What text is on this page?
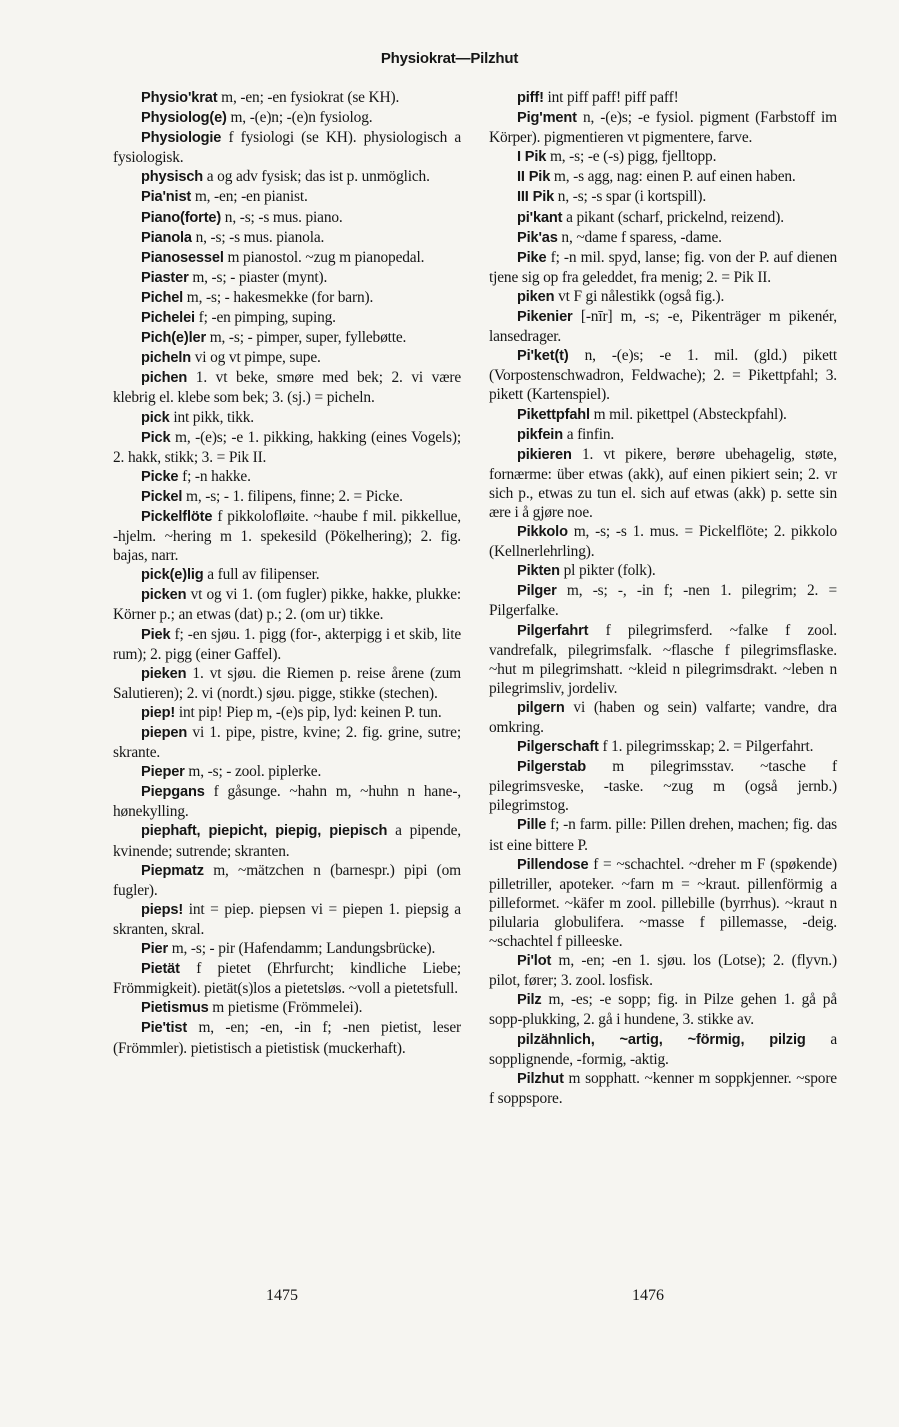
Physiokrat—Pilzhut

Physio'krat m, -en; -en fysiokrat (se KH).

Physiolog(e) m, -(e)n; -(e)n fysiolog.

Physiologie f fysiologi (se KH). physiologisch a fysiologisk.

physisch a og adv fysisk; das ist p. unmöglich.

Pia'nist m, -en; -en pianist.

Piano(forte) n, -s; -s mus. piano.

Pianola n, -s; -s mus. pianola.

Pianosessel m pianostol. ~zug m pianopedal.

Piaster m, -s; - piaster (mynt).

Pichel m, -s; - hakesmekke (for barn).

Pichelei f; -en pimping, suping.

Pich(e)ler m, -s; - pimper, super, fyllebøtte.

picheln vi og vt pimpe, supe.

pichen 1. vt beke, smøre med bek; 2. vi være klebrig el. klebe som bek; 3. (sj.) = picheln.

pick int pikk, tikk.

Pick m, -(e)s; -e 1. pikking, hakking (eines Vogels); 2. hakk, stikk; 3. = Pik II.

Picke f; -n hakke.

Pickel m, -s; - 1. filipens, finne; 2. = Picke.

Pickelflöte f pikkolofløite. ~haube f mil. pikkellue, -hjelm. ~hering m 1. spekesild (Pökelhering); 2. fig. bajas, narr.

pick(e)lig a full av filipenser.

picken vt og vi 1. (om fugler) pikke, hakke, plukke: Körner p.; an etwas (dat) p.; 2. (om ur) tikke.

Piek f; -en sjøu. 1. pigg (for-, akterpigg i et skib, lite rum); 2. pigg (einer Gaffel).

pieken 1. vt sjøu. die Riemen p. reise årene (zum Salutieren); 2. vi (nordt.) sjøu. pigge, stikke (stechen).

piep! int pip! Piep m, -(e)s pip, lyd: keinen P. tun.

piepen vi 1. pipe, pistre, kvine; 2. fig. grine, sutre; skrante.

Pieper m, -s; - zool. piplerke.

Piepgans f gåsunge. ~hahn m, ~huhn n hane-, hønekylling.

piephaft, piepicht, piepig, piepisch a pipende, kvinende; sutrende; skranten.

Piepmatz m, ~mätzchen n (barnespr.) pipi (om fugler).

pieps! int = piep. piepsen vi = piepen 1. piepsig a skranten, skral.

Pier m, -s; - pir (Hafendamm; Landungsbrücke).

Pietät f pietet (Ehrfurcht; kindliche Liebe; Frömmigkeit). pietät(s)los a pietetsløs. ~voll a pietetsfull.

Pietismus m pietisme (Frömmelei).

Pie'tist m, -en; -en, -in f; -nen pietist, leser (Frömmler). pietistisch a pietistisk (muckerhaft).

piff! int piff paff! piff paff!

Pig'ment n, -(e)s; -e fysiol. pigment (Farbstoff im Körper). pigmentieren vt pigmentere, farve.

I Pik m, -s; -e (-s) pigg, fjelltopp.

II Pik m, -s agg, nag: einen P. auf einen haben.

III Pik n, -s; -s spar (i kortspill).

pi'kant a pikant (scharf, prickelnd, reizend).

Pik'as n, ~dame f sparess, -dame.

Pike f; -n mil. spyd, lanse; fig. von der P. auf dienen tjene sig op fra geleddet, fra menig; 2. = Pik II.

piken vt F gi nålestikk (også fig.).

Pikenier [-nīr] m, -s; -e, Pikenträger m pikenér, lansedrager.

Pi'ket(t) n, -(e)s; -e 1. mil. (gld.) pikett (Vorpostenschwadron, Feldwache); 2. = Pikettpfahl; 3. pikett (Kartenspiel).

Pikettpfahl m mil. pikettpel (Absteckpfahl).

pikfein a finfin.

pikieren 1. vt pikere, berøre ubehagelig, støte, fornærme: über etwas (akk), auf einen pikiert sein; 2. vr sich p., etwas zu tun el. sich auf etwas (akk) p. sette sin ære i å gjøre noe.

Pikkolo m, -s; -s 1. mus. = Pickelflöte; 2. pikkolo (Kellnerlehrling).

Pikten pl pikter (folk).

Pilger m, -s; -, -in f; -nen 1. pilegrim; 2. = Pilgerfalke.

Pilgerfahrt f pilegrimsferd. ~falke f zool. vandrefalk, pilegrimsfalk. ~flasche f pilegrimsflaske. ~hut m pilegrimshatt. ~kleid n pilegrimsdrakt. ~leben n pilegrimsliv, jordeliv.

pilgern vi (haben og sein) valfarte; vandre, dra omkring.

Pilgerschaft f 1. pilegrimsskap; 2. = Pilgerfahrt.

Pilgerstab m pilegrimsstav. ~tasche f pilegrimsveske, -taske. ~zug m (også jernb.) pilegrimstog.

Pille f; -n farm. pille: Pillen drehen, machen; fig. das ist eine bittere P.

Pillendose f = ~schachtel. ~dreher m F (spøkende) pilletriller, apoteker. ~farn m = ~kraut. pillenförmig a pilleformet. ~käfer m zool. pillebille (byrrhus). ~kraut n pilularia globulifera. ~masse f pillemasse, -deig. ~schachtel f pilleeske.

Pi'lot m, -en; -en 1. sjøu. los (Lotse); 2. (flyvn.) pilot, fører; 3. zool. losfisk.

Pilz m, -es; -e sopp; fig. in Pilze gehen 1. gå på sopp-plukking, 2. gå i hundene, 3. stikke av.

pilzähnlich, ~artig, ~förmig, pilzig a sopplignende, -formig, -aktig.

Pilzhut m sopphatt. ~kenner m soppkjenner. ~spore f soppspore.

1475	1476
